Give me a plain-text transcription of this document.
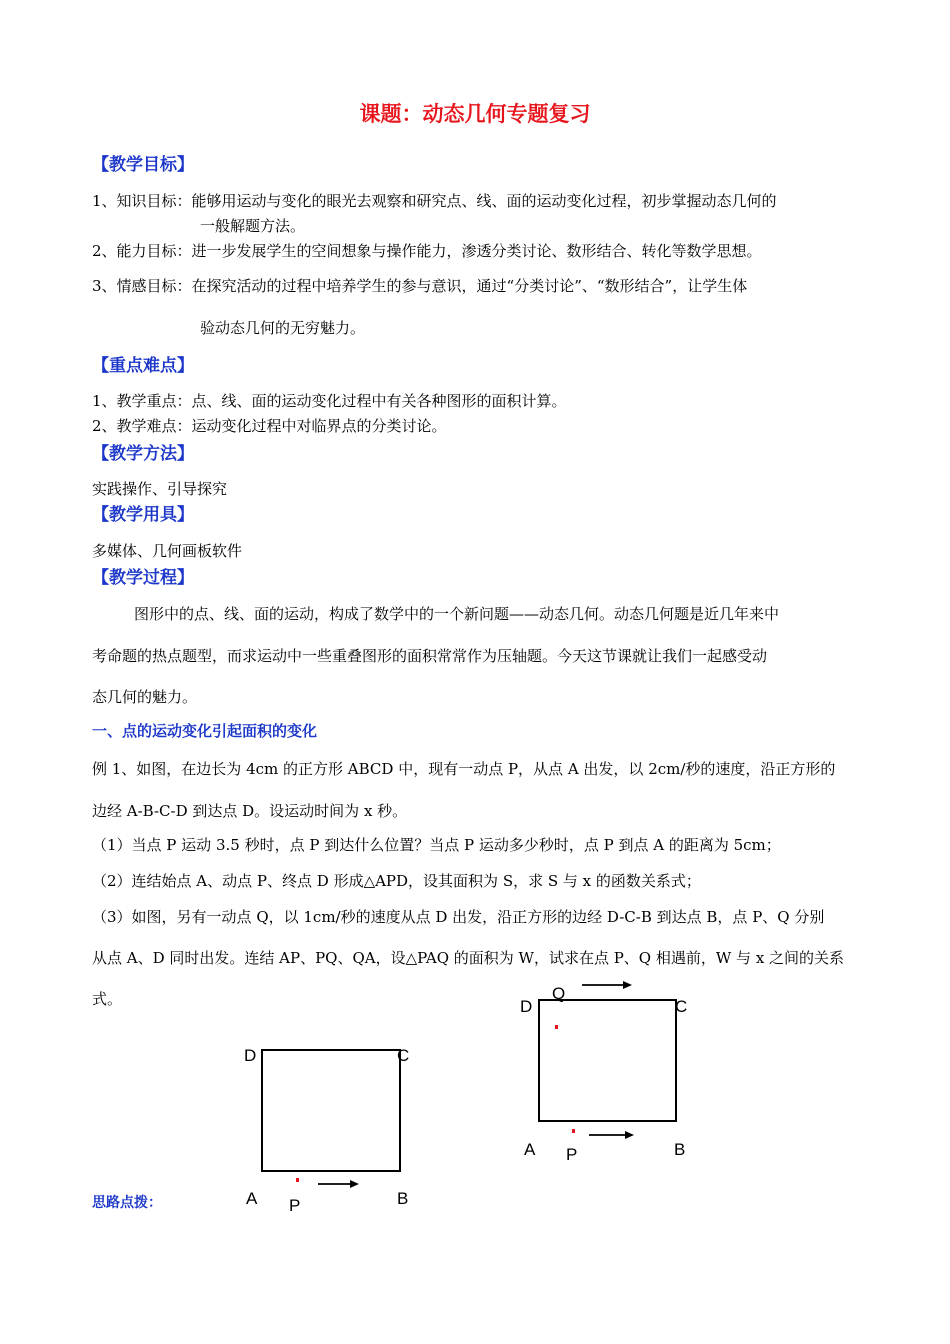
课题：动态几何专题复习
【教学目标】
1、知识目标：能够用运动与变化的眼光去观察和研究点、线、面的运动变化过程，初步掌握动态几何的
一般解题方法。
2、能力目标：进一步发展学生的空间想象与操作能力，渗透分类讨论、数形结合、转化等数学思想。
3、情感目标：在探究活动的过程中培养学生的参与意识，通过“分类讨论”、“数形结合”，让学生体
验动态几何的无穷魅力。
【重点难点】
1、教学重点：点、线、面的运动变化过程中有关各种图形的面积计算。
2、教学难点：运动变化过程中对临界点的分类讨论。
【教学方法】
实践操作、引导探究
【教学用具】
多媒体、几何画板软件
【教学过程】
图形中的点、线、面的运动，构成了数学中的一个新问题——动态几何。动态几何题是近几年来中
考命题的热点题型，而求运动中一些重叠图形的面积常常作为压轴题。今天这节课就让我们一起感受动
态几何的魅力。
一、点的运动变化引起面积的变化
例 1、如图，在边长为 4cm 的正方形 ABCD 中，现有一动点 P，从点 A 出发，以 2cm/秒的速度，沿正方形的
边经 A-B-C-D 到达点 D。设运动时间为 x 秒。
（1）当点 P 运动 3.5 秒时，点 P 到达什么位置？当点 P 运动多少秒时，点 P 到点 A 的距离为 5cm；
（2）连结始点 A、动点 P、终点 D 形成△APD，设其面积为 S，求 S 与 x 的函数关系式；
（3）如图，另有一动点 Q，以 1cm/秒的速度从点 D 出发，沿正方形的边经 D-C-B 到达点 B，点 P、Q 分别
从点 A、D 同时出发。连结 AP、PQ、QA，设△PAQ 的面积为 W，试求在点 P、Q 相遇前，W 与 x 之间的关系
式。
思路点拨：
D	C
A	B
P
D	C
A	B
P
Q
